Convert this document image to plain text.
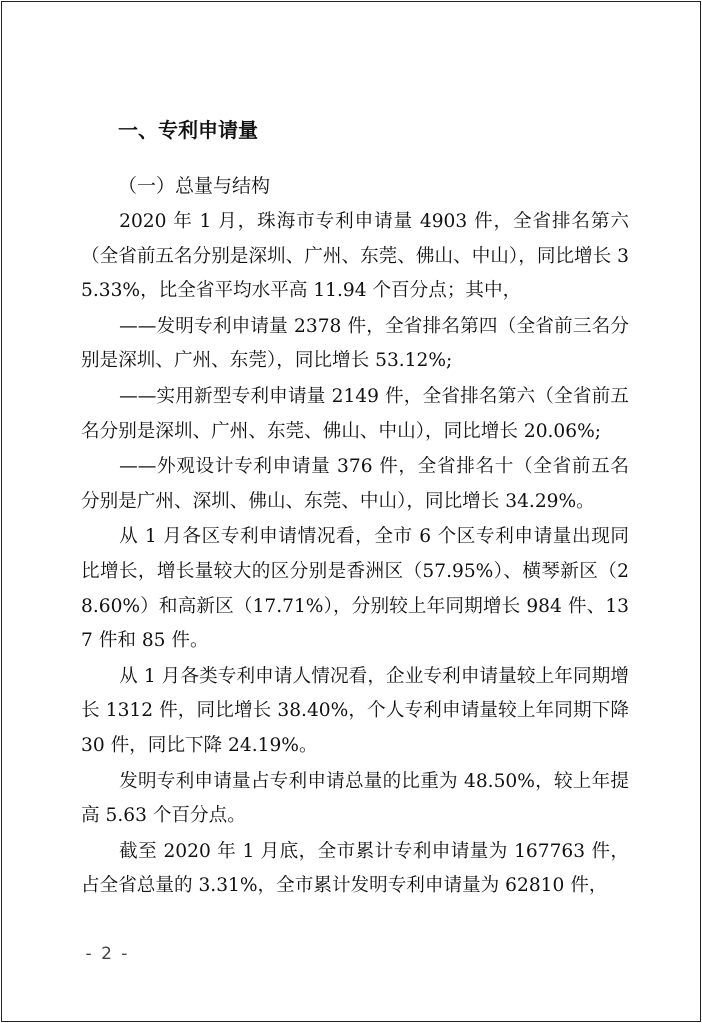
一、专利申请量
（一）总量与结构

2020 年 1 月，珠海市专利申请量 4903 件，全省排名第六（全省前五名分别是深圳、广州、东莞、佛山、中山），同比增长 35.33%，比全省平均水平高 11.94 个百分点；其中，

——发明专利申请量 2378 件，全省排名第四（全省前三名分别是深圳、广州、东莞），同比增长 53.12%;

——实用新型专利申请量 2149 件，全省排名第六（全省前五名分别是深圳、广州、东莞、佛山、中山），同比增长 20.06%;

——外观设计专利申请量 376 件，全省排名十（全省前五名分别是广州、深圳、佛山、东莞、中山），同比增长 34.29%。

从 1 月各区专利申请情况看，全市 6 个区专利申请量出现同比增长，增长量较大的区分别是香洲区（57.95%）、横琴新区（28.60%）和高新区（17.71%），分别较上年同期增长 984 件、137 件和 85 件。

从 1 月各类专利申请人情况看，企业专利申请量较上年同期增长 1312 件，同比增长 38.40%，个人专利申请量较上年同期下降 30 件，同比下降 24.19%。

发明专利申请量占专利申请总量的比重为 48.50%，较上年提高 5.63 个百分点。

截至 2020 年 1 月底，全市累计专利申请量为 167763 件，占全省总量的 3.31%，全市累计发明专利申请量为 62810 件，

- 2 -
